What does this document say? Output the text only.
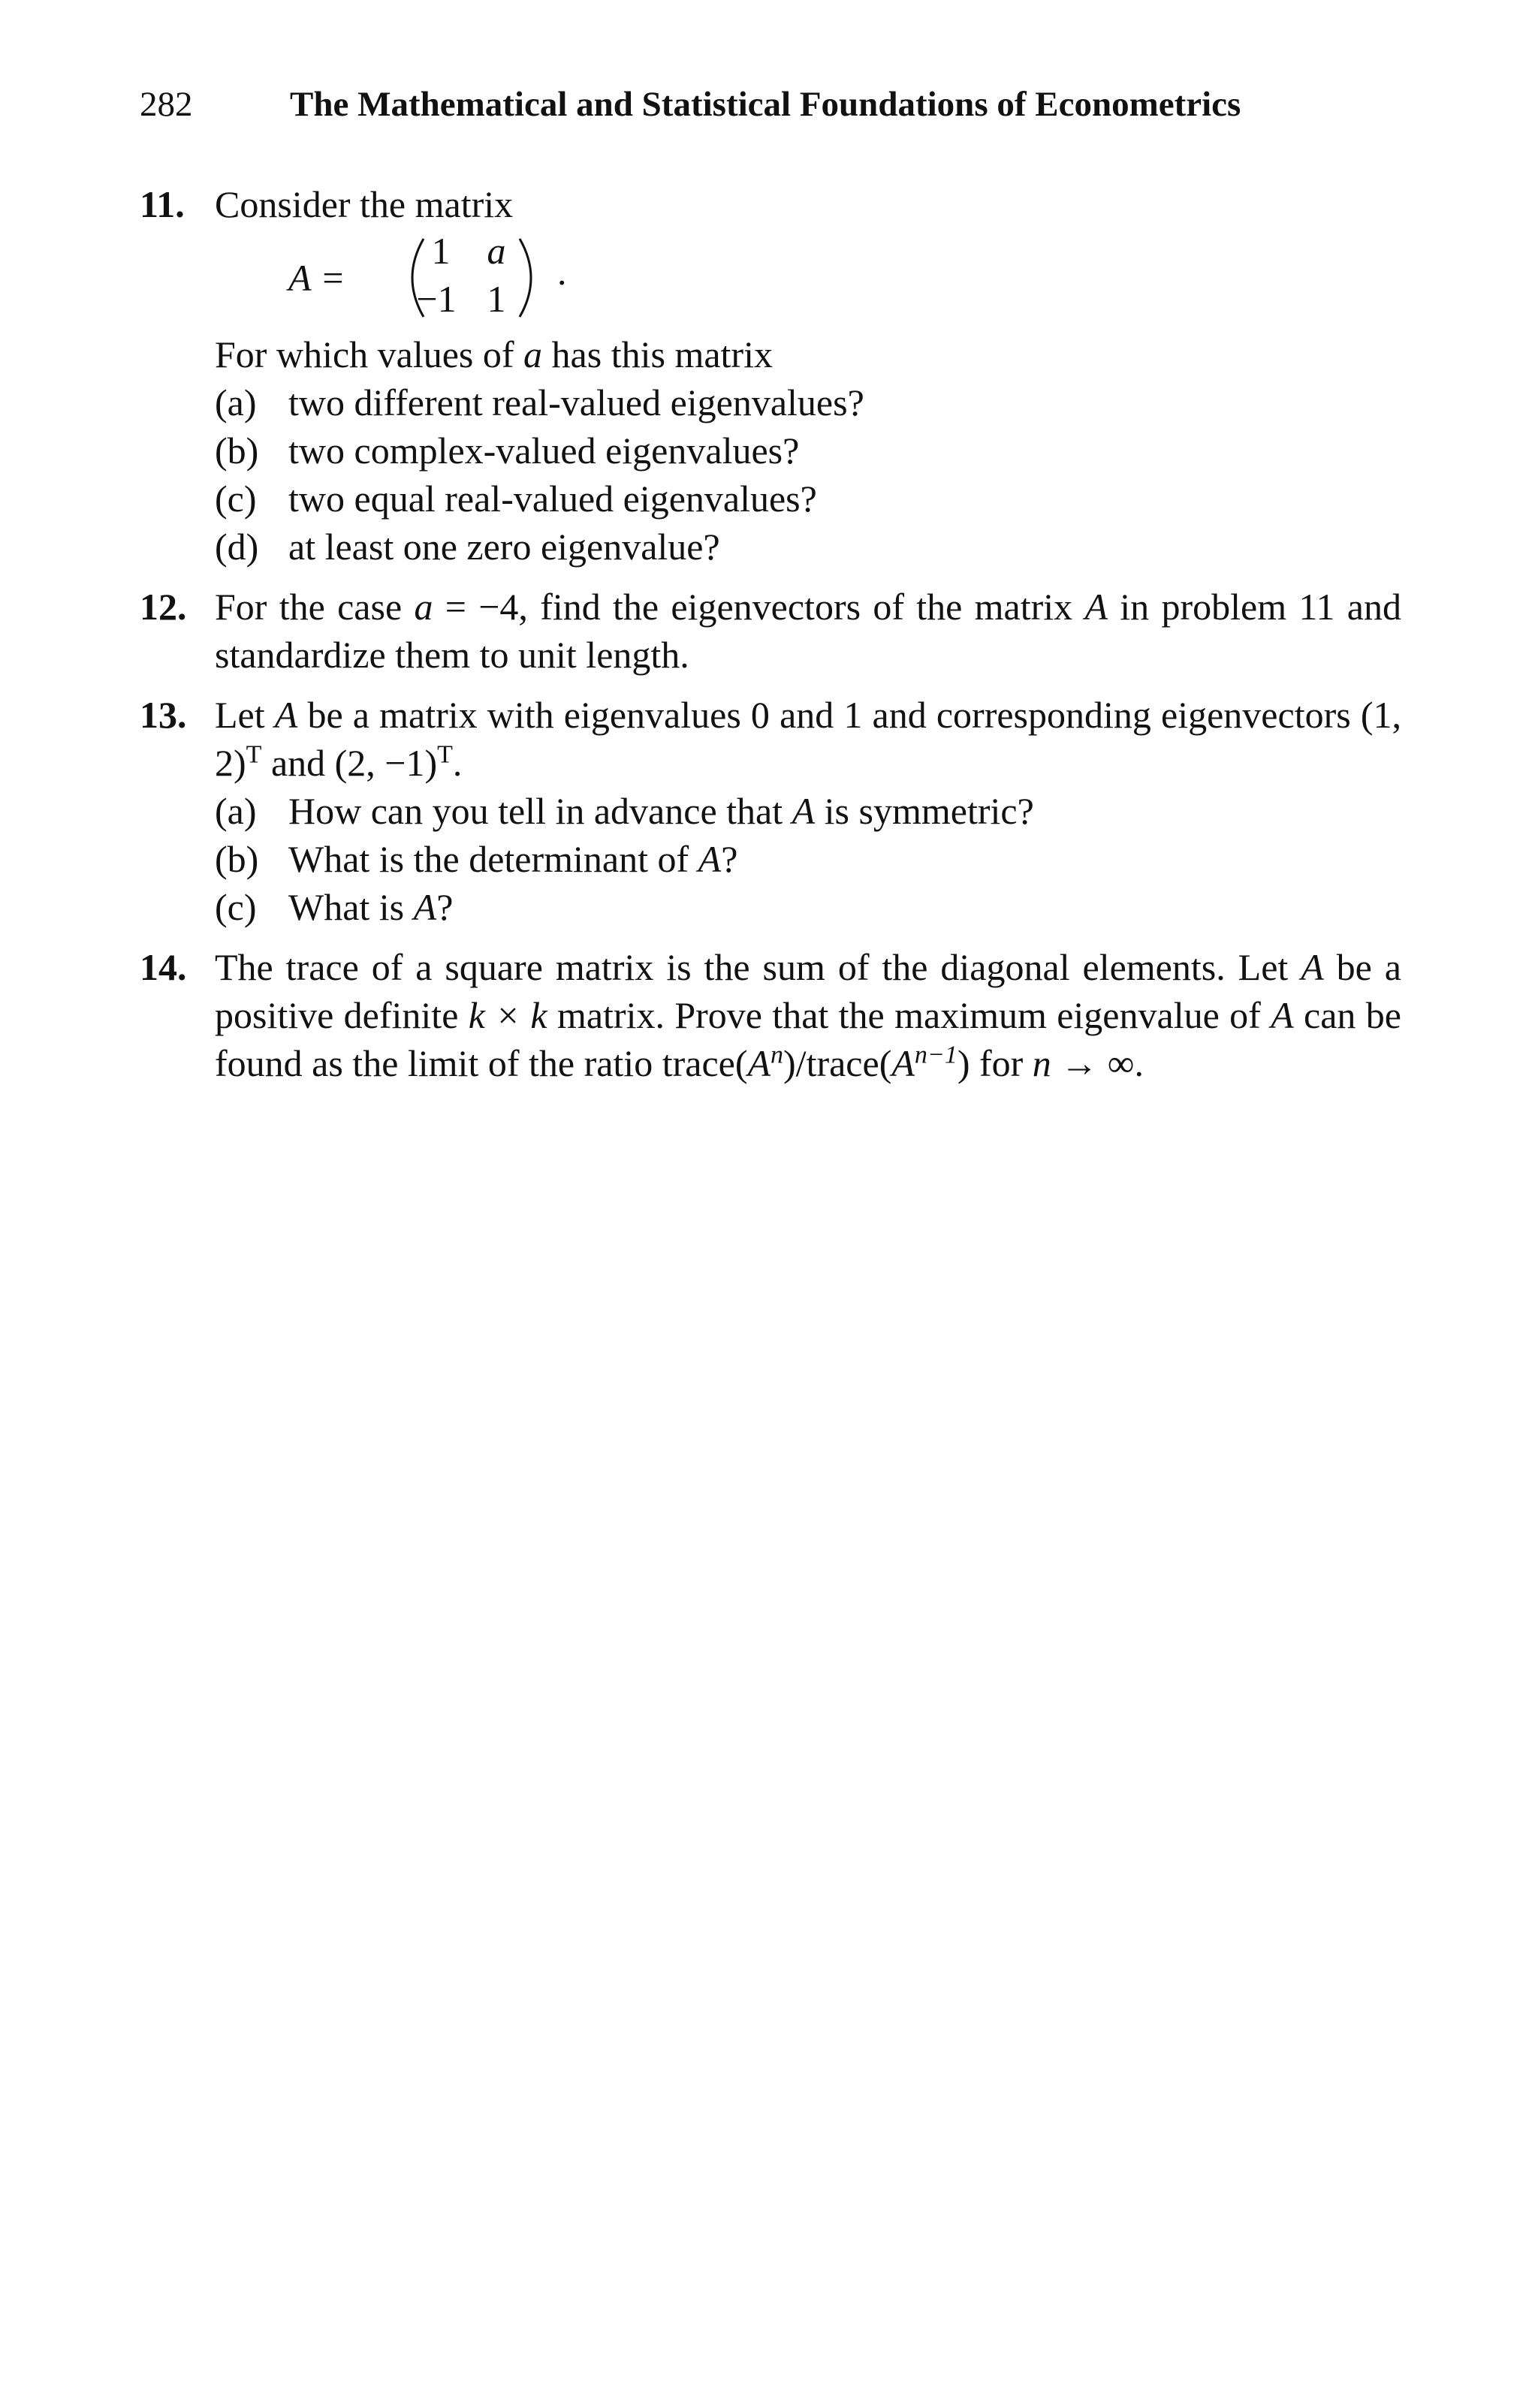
282	The Mathematical and Statistical Foundations of Econometrics
11. Consider the matrix
A =
1 a
−1 1
.
For which values of a has this matrix
(a) two different real-valued eigenvalues?
(b) two complex-valued eigenvalues?
(c) two equal real-valued eigenvalues?
(d) at least one zero eigenvalue?
12. For the case a = −4, find the eigenvectors of the matrix A in problem 11 and
standardize them to unit length.
13. Let A be a matrix with eigenvalues 0 and 1 and corresponding eigenvectors (1,
2)$^T$ and (2, −1)$^T$.
(a) How can you tell in advance that A is symmetric?
(b) What is the determinant of A?
(c) What is A?
14. The trace of a square matrix is the sum of the diagonal elements. Let A be a
positive definite k × k matrix. Prove that the maximum eigenvalue of A can be
found as the limit of the ratio $trace(A^n)/trace(A^{n-1})$ for n → ∞.
